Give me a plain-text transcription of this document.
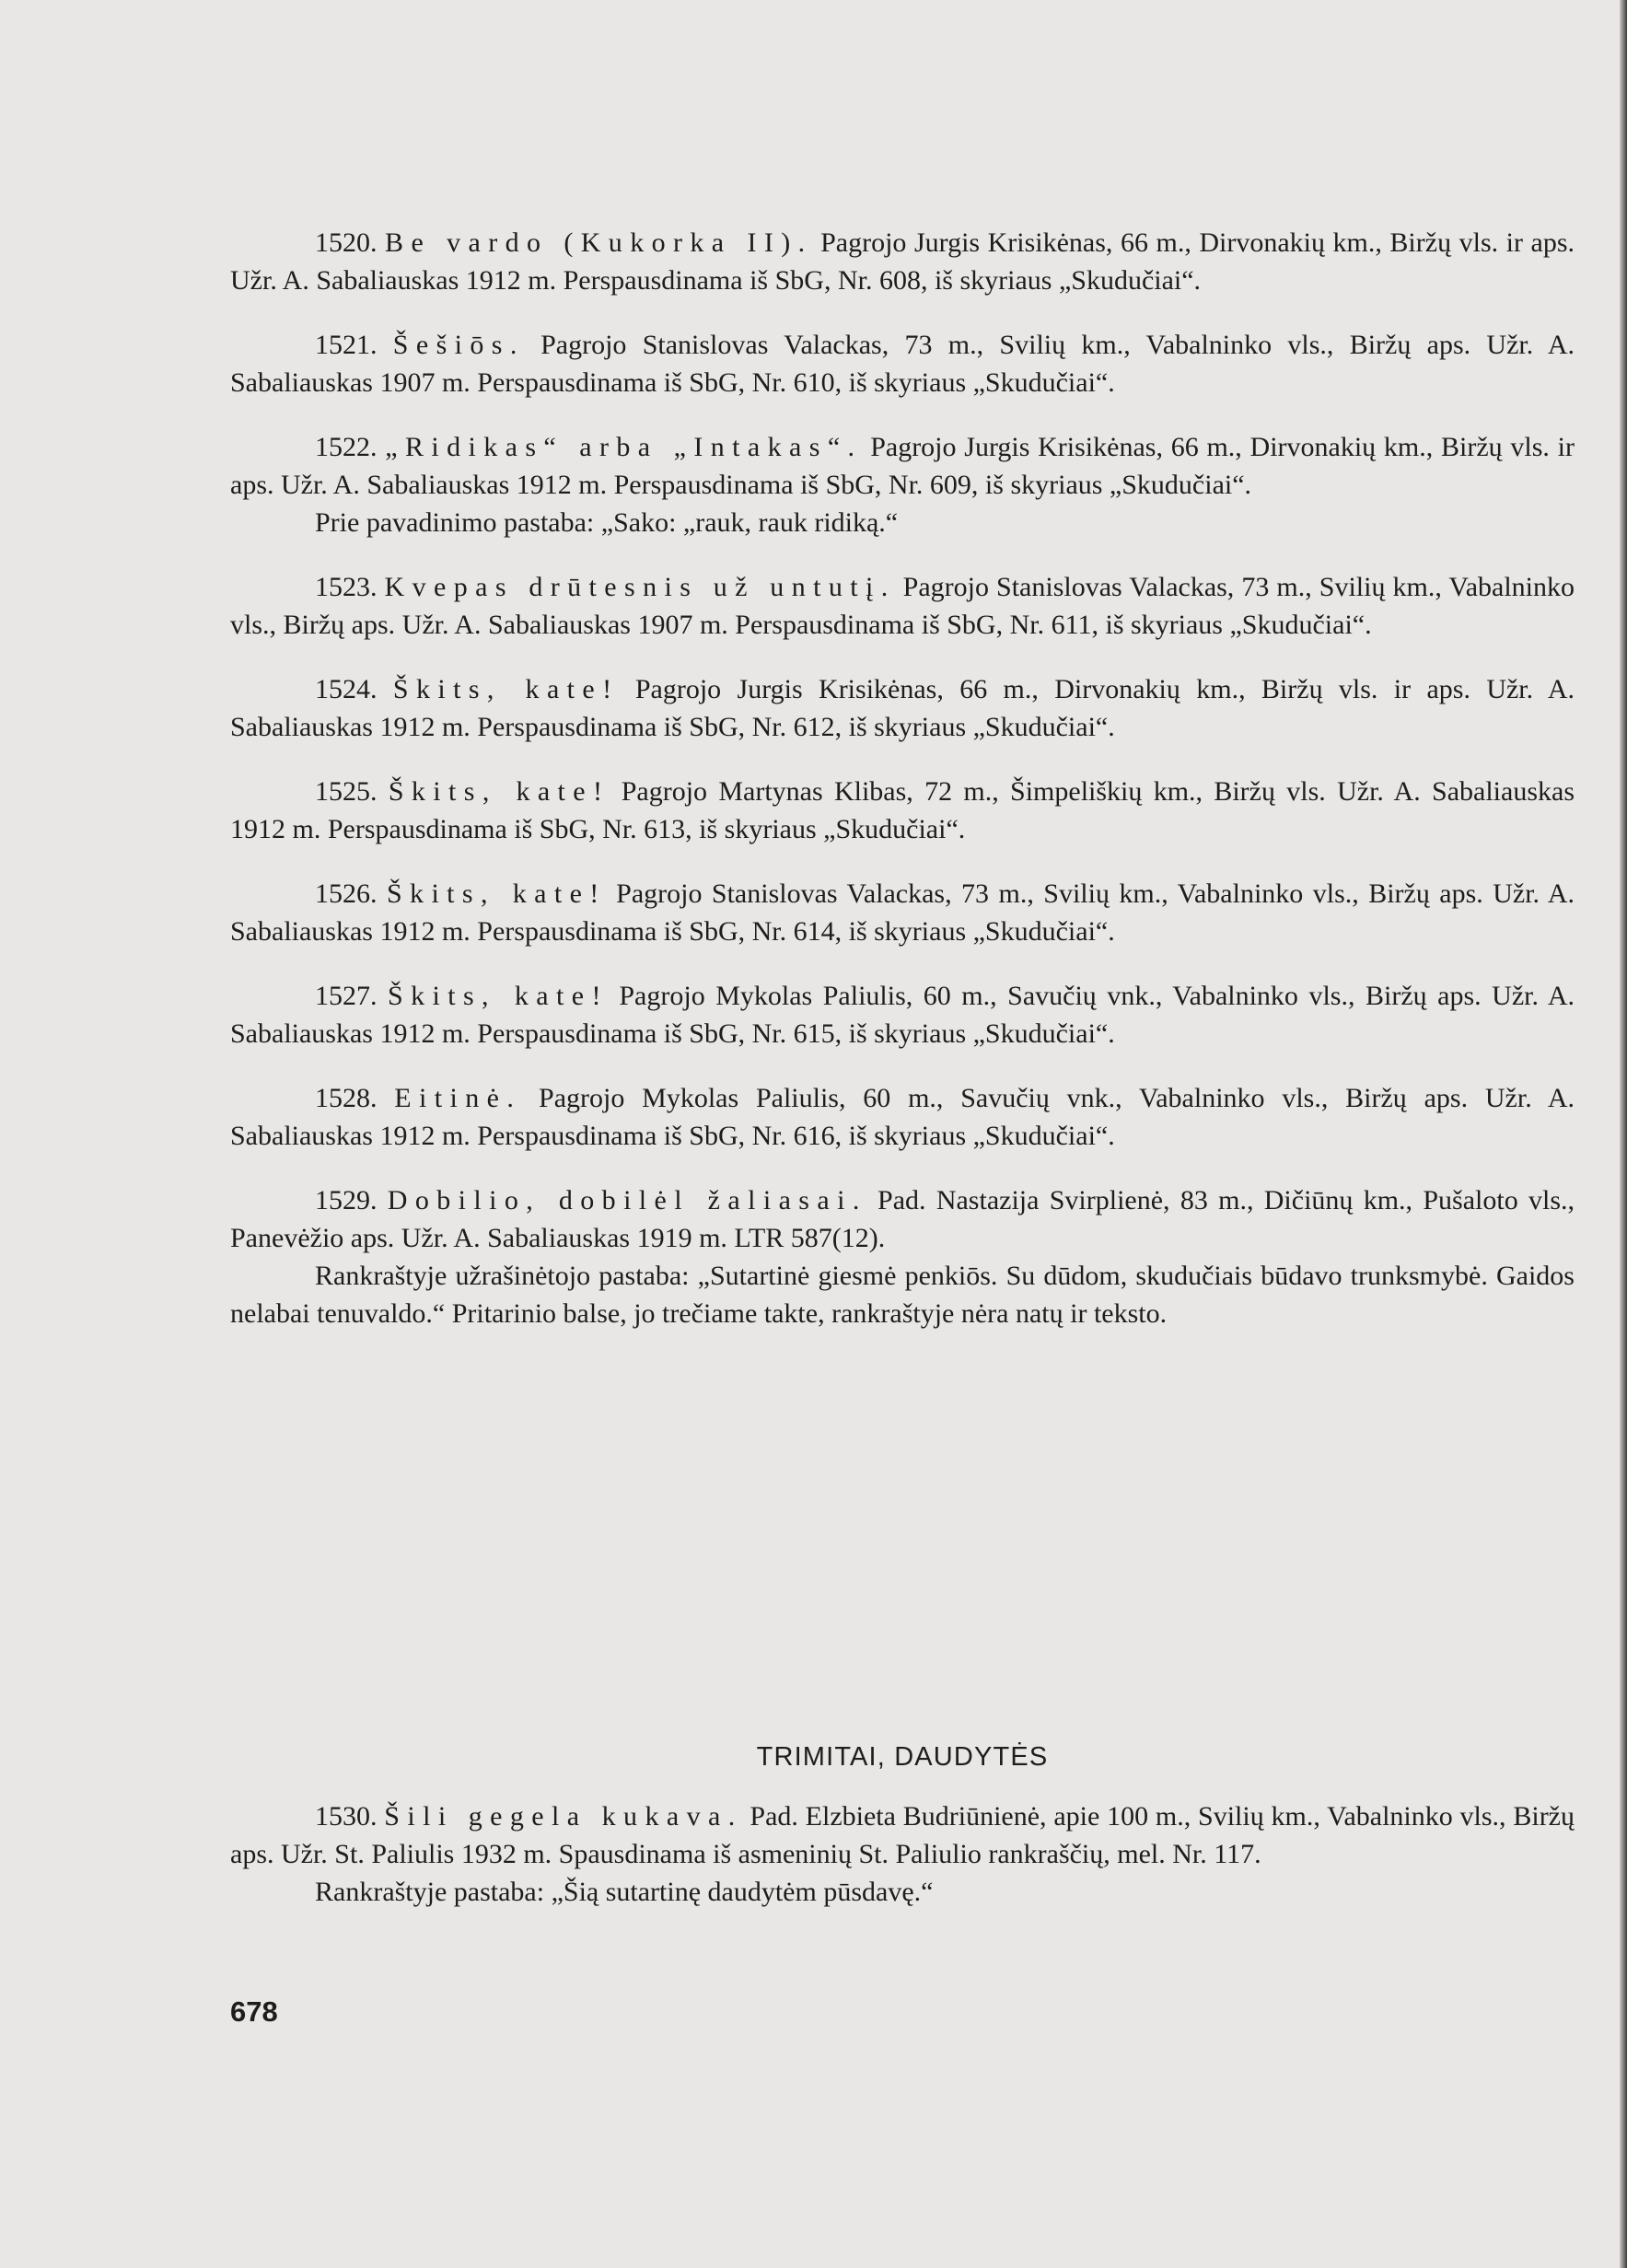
1520. Be vardo (Kukorka II). Pagrojo Jurgis Krisikėnas, 66 m., Dirvonakių km., Biržų vls. ir aps. Užr. A. Sabaliauskas 1912 m. Perspausdinama iš SbG, Nr. 608, iš skyriaus „Skudučiai“.

1521. Šešiōs. Pagrojo Stanislovas Valackas, 73 m., Svilių km., Vabalninko vls., Biržų aps. Užr. A. Sabaliauskas 1907 m. Perspausdinama iš SbG, Nr. 610, iš skyriaus „Skudučiai“.

1522. „Ridikas“ arba „Intakas“. Pagrojo Jurgis Krisikėnas, 66 m., Dirvonakių km., Biržų vls. ir aps. Užr. A. Sabaliauskas 1912 m. Perspausdinama iš SbG, Nr. 609, iš skyriaus „Skudučiai“.

Prie pavadinimo pastaba: „Sako: „rauk, rauk ridiką.“

1523. Kvepas drūtesnis už untutį. Pagrojo Stanislovas Valackas, 73 m., Svilių km., Vabalninko vls., Biržų aps. Užr. A. Sabaliauskas 1907 m. Perspausdinama iš SbG, Nr. 611, iš skyriaus „Skudučiai“.

1524. Škits, kate! Pagrojo Jurgis Krisikėnas, 66 m., Dirvonakių km., Biržų vls. ir aps. Užr. A. Sabaliauskas 1912 m. Perspausdinama iš SbG, Nr. 612, iš skyriaus „Skudučiai“.

1525. Škits, kate! Pagrojo Martynas Klibas, 72 m., Šimpeliškių km., Biržų vls. Užr. A. Sabaliauskas 1912 m. Perspausdinama iš SbG, Nr. 613, iš skyriaus „Skudučiai“.

1526. Škits, kate! Pagrojo Stanislovas Valackas, 73 m., Svilių km., Vabalninko vls., Biržų aps. Užr. A. Sabaliauskas 1912 m. Perspausdinama iš SbG, Nr. 614, iš skyriaus „Skudučiai“.

1527. Škits, kate! Pagrojo Mykolas Paliulis, 60 m., Savučių vnk., Vabalninko vls., Biržų aps. Užr. A. Sabaliauskas 1912 m. Perspausdinama iš SbG, Nr. 615, iš skyriaus „Skudučiai“.

1528. Eitinė. Pagrojo Mykolas Paliulis, 60 m., Savučių vnk., Vabalninko vls., Biržų aps. Užr. A. Sabaliauskas 1912 m. Perspausdinama iš SbG, Nr. 616, iš skyriaus „Skudučiai“.

1529. Dobilio, dobilėl žaliasai. Pad. Nastazija Svirplienė, 83 m., Dičiūnų km., Pušaloto vls., Panevėžio aps. Užr. A. Sabaliauskas 1919 m. LTR 587(12).

Rankraštyje užrašinėtojo pastaba: „Sutartinė giesmė penkiōs. Su dūdom, skudučiais būdavo trunksmybė. Gaidos nelabai tenuvaldo.“ Pritarinio balse, jo trečiame takte, rankraštyje nėra natų ir teksto.

TRIMITAI, DAUDYTĖS

1530. Šili gegela kukava. Pad. Elzbieta Budriūnienė, apie 100 m., Svilių km., Vabalninko vls., Biržų aps. Užr. St. Paliulis 1932 m. Spausdinama iš asmeninių St. Paliulio rankraščių, mel. Nr. 117.

Rankraštyje pastaba: „Šią sutartinę daudytėm pūsdavę.“

678
